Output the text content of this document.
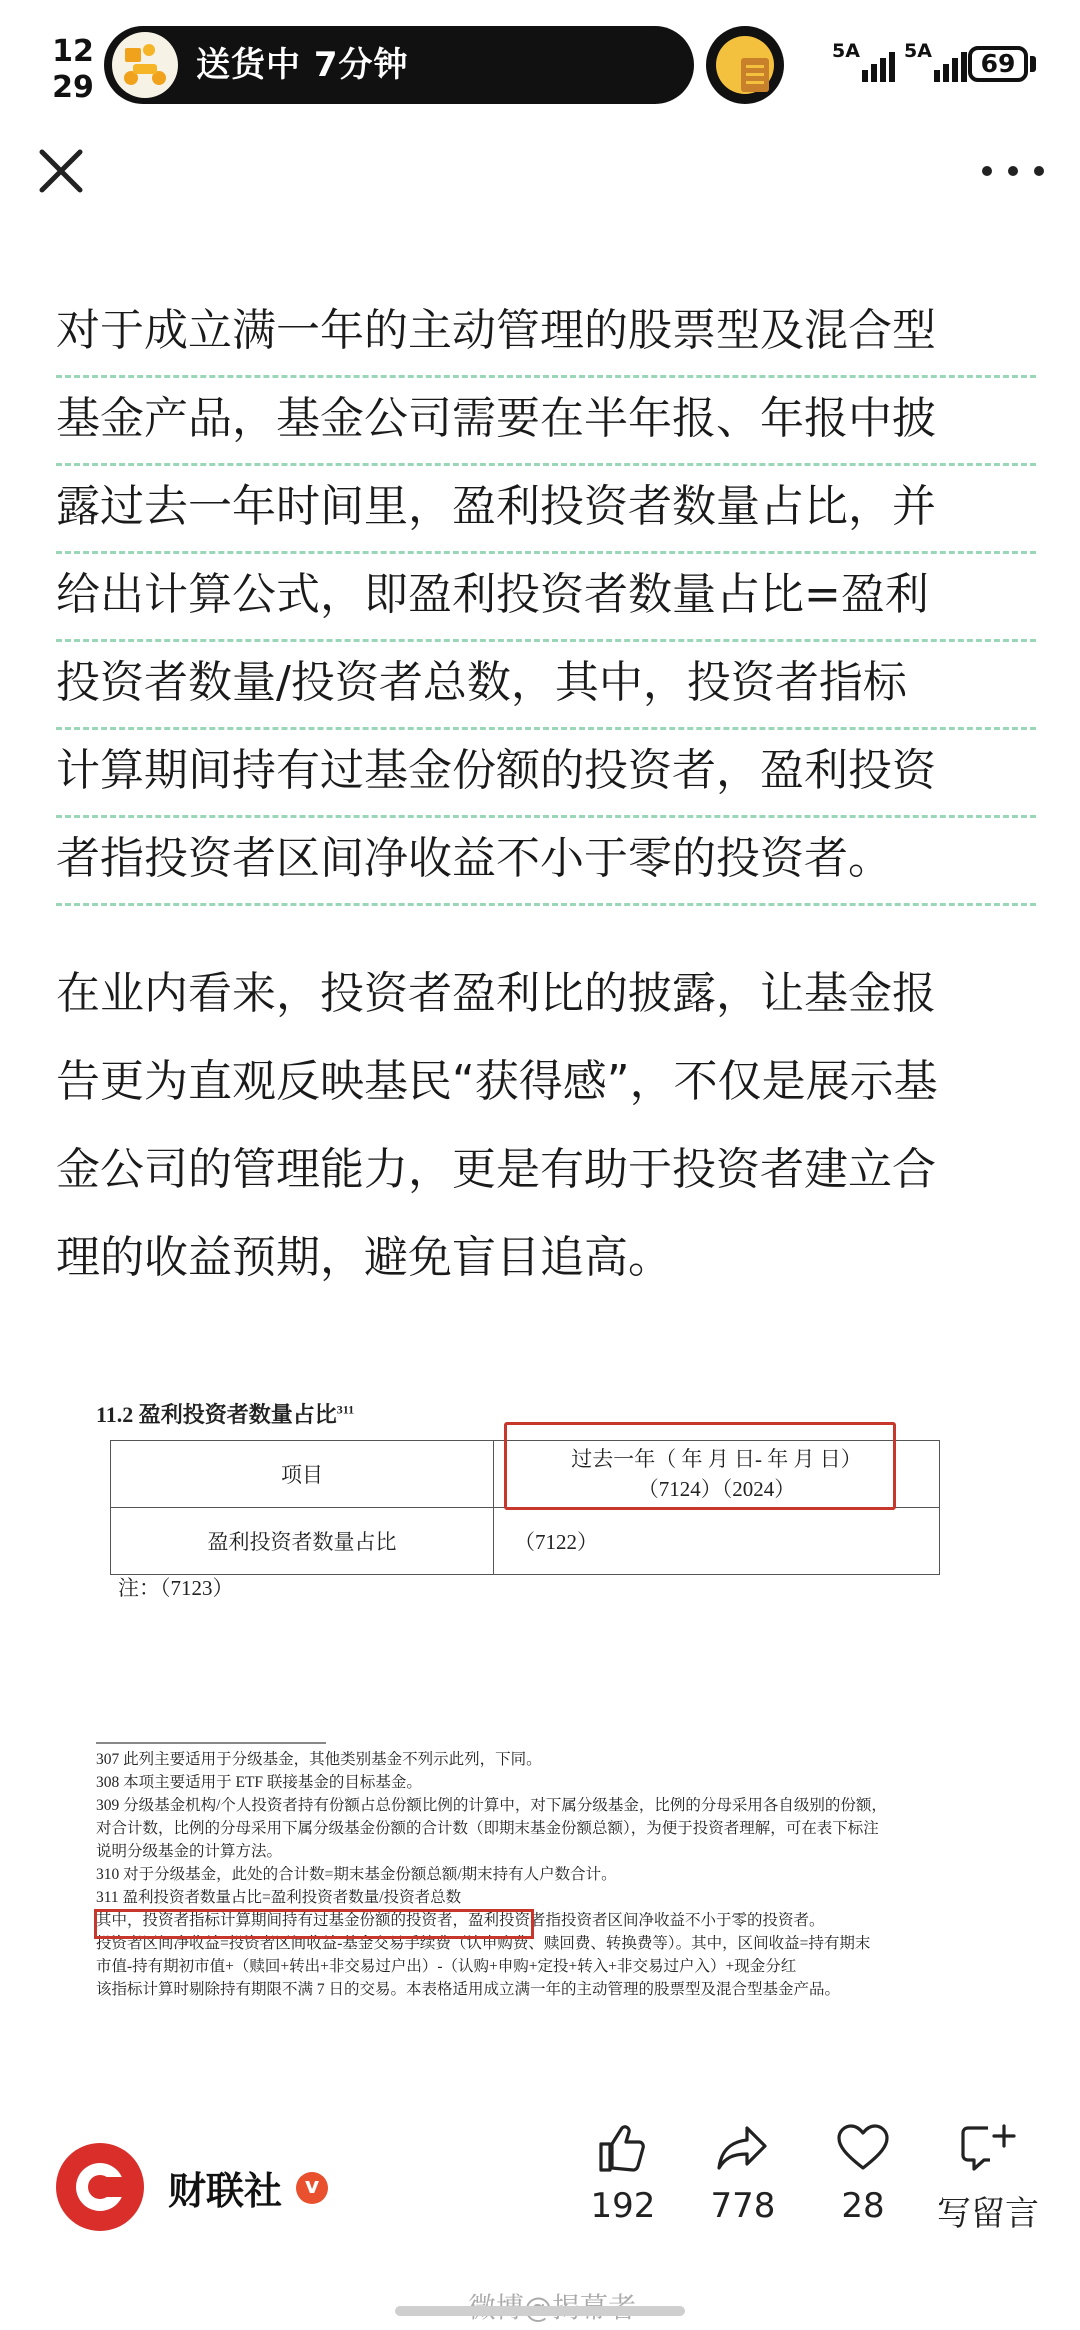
12
29
送货中 7分钟	5A 5A	69
对于成立满一年的主动管理的股票型及混合型
基金产品，基金公司需要在半年报、年报中披
露过去一年时间里，盈利投资者数量占比，并
给出计算公式，即盈利投资者数量占比=盈利
投资者数量/投资者总数，其中，投资者指标
计算期间持有过基金份额的投资者，盈利投资
者指投资者区间净收益不小于零的投资者。
在业内看来，投资者盈利比的披露，让基金报
告更为直观反映基民“获得感”，不仅是展示基
金公司的管理能力，更是有助于投资者建立合
理的收益预期，避免盲目追高。
11.2 盈利投资者数量占比$^{311}$
项目	过去一年（ 年 月 日- 年 月 日）
（7124）（2024）

盈利投资者数量占比	（7122）
注：（7123）
307 此列主要适用于分级基金，其他类别基金不列示此列，下同。
308 本项主要适用于 ETF 联接基金的目标基金。
309 分级基金机构/个人投资者持有份额占总份额比例的计算中，对下属分级基金，比例的分母采用各自级别的份额，
对合计数，比例的分母采用下属分级基金份额的合计数（即期末基金份额总额），为便于投资者理解，可在表下标注
说明分级基金的计算方法。
310 对于分级基金，此处的合计数=期末基金份额总额/期末持有人户数合计。
311 盈利投资者数量占比=盈利投资者数量/投资者总数
其中，投资者指标计算期间持有过基金份额的投资者，盈利投资者指投资者区间净收益不小于零的投资者。
投资者区间净收益=投资者区间收益-基金交易手续费（认申购费、赎回费、转换费等）。其中，区间收益=持有期末
市值-持有期初市值+（赎回+转出+非交易过户出）-（认购+申购+定投+转入+非交易过户入）+现金分红
该指标计算时剔除持有期限不满 7 日的交易。本表格适用成立满一年的主动管理的股票型及混合型基金产品。
财联社	v	192	778	28	写留言
